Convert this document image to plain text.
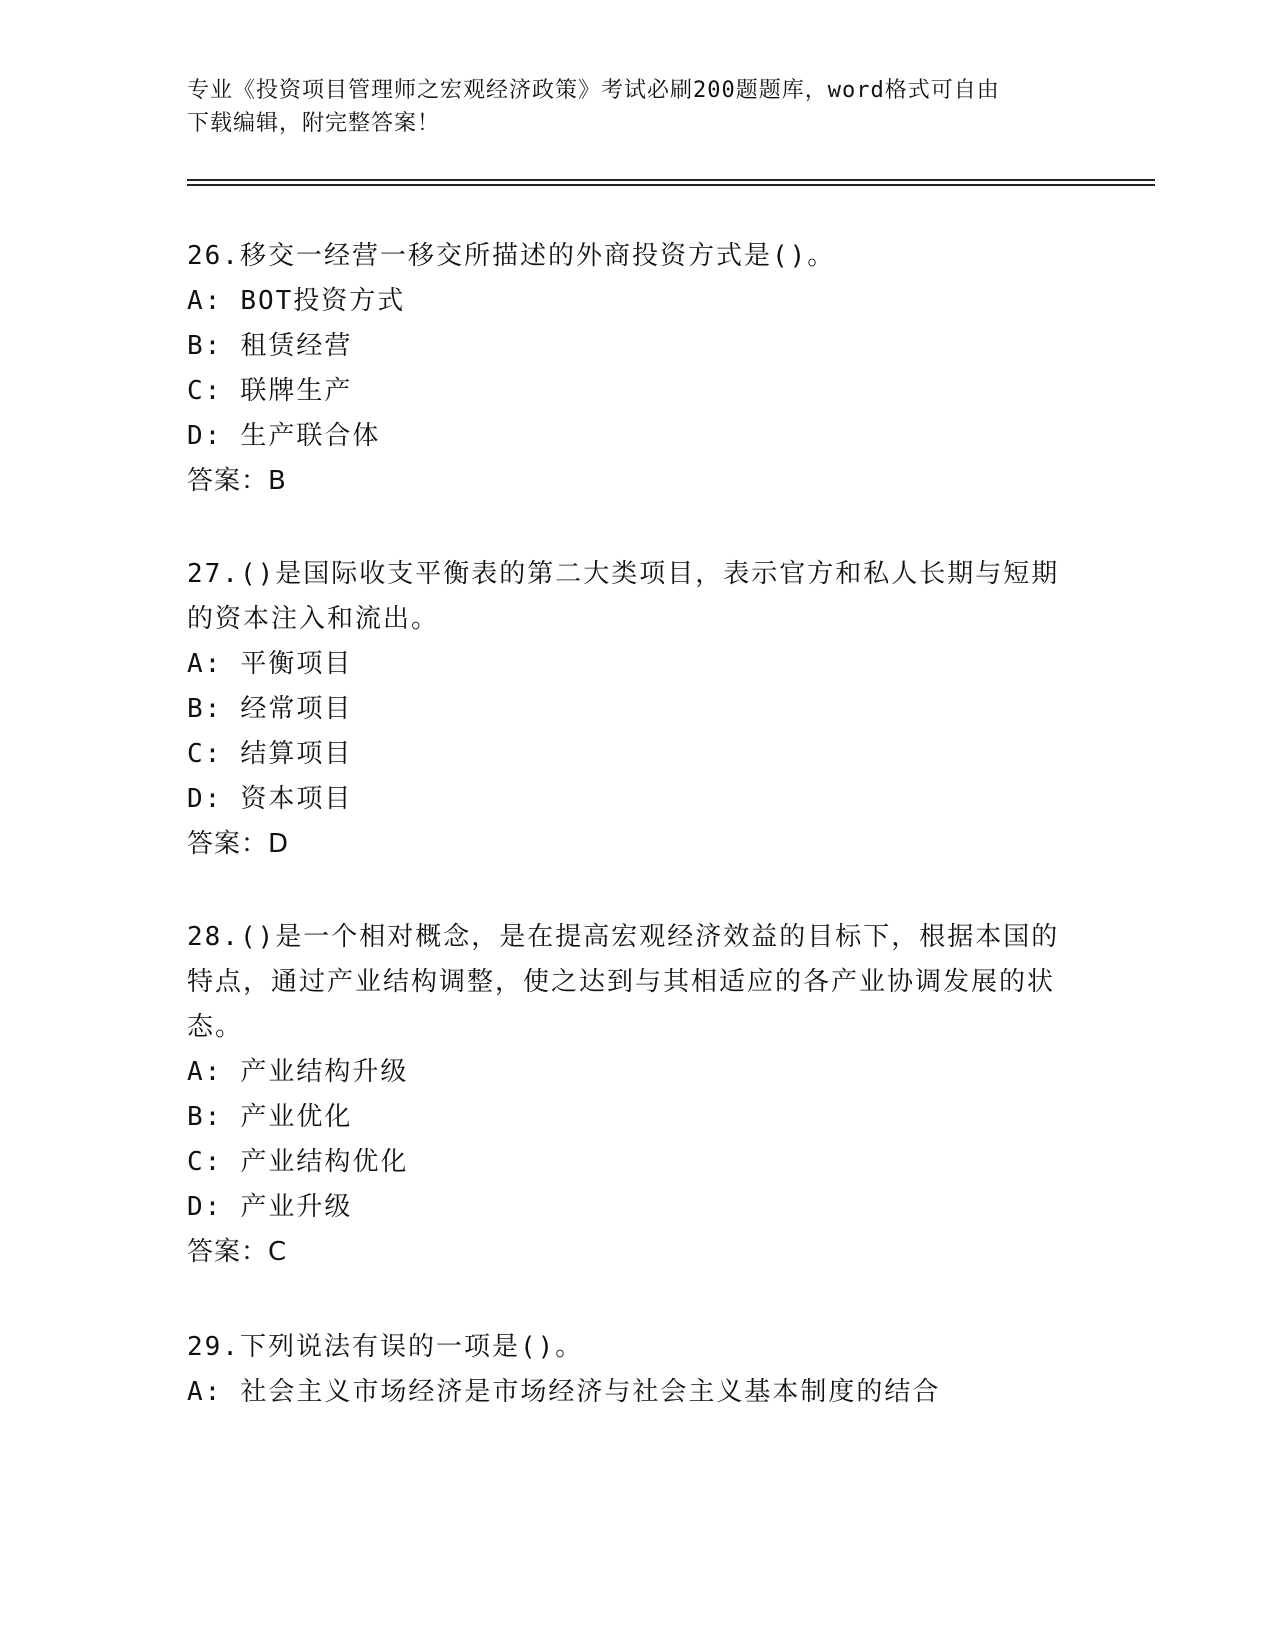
专业《投资项目管理师之宏观经济政策》考试必刷200题题库，word格式可自由
下载编辑，附完整答案！

26.移交一经营一移交所描述的外商投资方式是()。

A: BOT投资方式

B: 租赁经营

C: 联牌生产

D: 生产联合体

答案：B

27.()是国际收支平衡表的第二大类项目，表示官方和私人长期与短期的资本注入和流出。

A: 平衡项目

B: 经常项目

C: 结算项目

D: 资本项目

答案：D

28.()是一个相对概念，是在提高宏观经济效益的目标下，根据本国的特点，通过产业结构调整，使之达到与其相适应的各产业协调发展的状态。

A: 产业结构升级

B: 产业优化

C: 产业结构优化

D: 产业升级

答案：C

29.下列说法有误的一项是()。

A: 社会主义市场经济是市场经济与社会主义基本制度的结合
